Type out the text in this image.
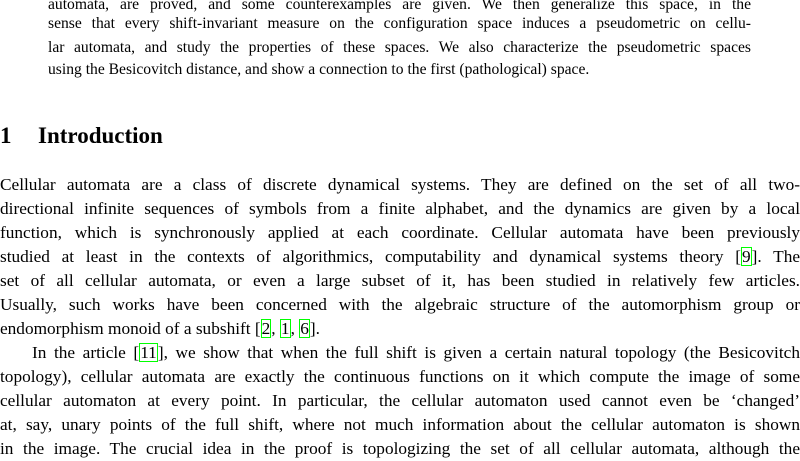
automata, are proved, and some counterexamples are given. We then generalize this space, in the
sense that every shift-invariant measure on the configuration space induces a pseudometric on cellu-
lar automata, and study the properties of these spaces. We also characterize the pseudometric spaces
using the Besicovitch distance, and show a connection to the first (pathological) space.
1 Introduction
Cellular automata are a class of discrete dynamical systems. They are defined on the set of all two-
directional infinite sequences of symbols from a finite alphabet, and the dynamics are given by a local
function, which is synchronously applied at each coordinate. Cellular automata have been previously
studied at least in the contexts of algorithmics, computability and dynamical systems theory [9]. The
set of all cellular automata, or even a large subset of it, has been studied in relatively few articles.
Usually, such works have been concerned with the algebraic structure of the automorphism group or
endomorphism monoid of a subshift [2, 1, 6].
In the article [11], we show that when the full shift is given a certain natural topology (the Besicovitch
topology), cellular automata are exactly the continuous functions on it which compute the image of some
cellular automaton at every point. In particular, the cellular automaton used cannot even be ‘changed’
at, say, unary points of the full shift, where not much information about the cellular automaton is shown
in the image. The crucial idea in the proof is topologizing the set of all cellular automata, although the
